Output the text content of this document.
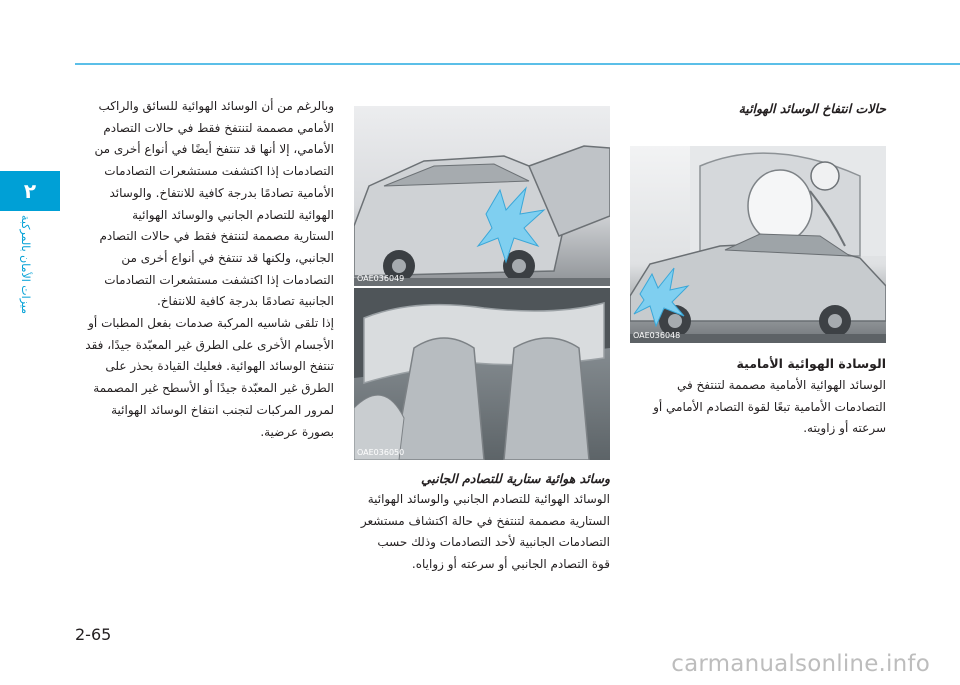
٢
ميزات الأمان بالمركبة
حالات انتفاخ الوسائد الهوائية
OAE036048
الوسادة الهوائية الأمامية
الوسائد الهوائية الأمامية مصممة لتنتفخ في
التصادمات الأمامية تبعًا لقوة التصادم الأمامي أو
سرعته أو زاويته.
OAE036049
OAE036050
وسائد هوائية ستارية للتصادم الجانبي
الوسائد الهوائية للتصادم الجانبي والوسائد الهوائية
الستارية مصممة لتنتفخ في حالة اكتشاف مستشعر
التصادمات الجانبية لأحد التصادمات وذلك حسب
قوة التصادم الجانبي أو سرعته أو زواياه.
وبالرغم من أن الوسائد الهوائية للسائق والراكب
الأمامي مصممة لتنتفخ فقط في حالات التصادم
الأمامي، إلا أنها قد تنتفخ أيضًا في أنواع أخرى من
التصادمات إذا اكتشفت مستشعرات التصادمات
الأمامية تصادمًا بدرجة كافية للانتفاخ. والوسائد
الهوائية للتصادم الجانبي والوسائد الهوائية
الستارية مصممة لتنتفخ فقط في حالات التصادم
الجانبي، ولكنها قد تنتفخ في أنواع أخرى من
التصادمات إذا اكتشفت مستشعرات التصادمات
الجانبية تصادمًا بدرجة كافية للانتفاخ.
إذا تلقى شاسيه المركبة صدمات بفعل المطبات أو
الأجسام الأخرى على الطرق غير المعبّدة جيدًا، فقد
تنتفخ الوسائد الهوائية. فعليك القيادة بحذر على
الطرق غير المعبّدة جيدًا أو الأسطح غير المصممة
لمرور المركبات لتجنب انتفاخ الوسائد الهوائية
بصورة عرضية.
2-65
carmanualsonline.info
